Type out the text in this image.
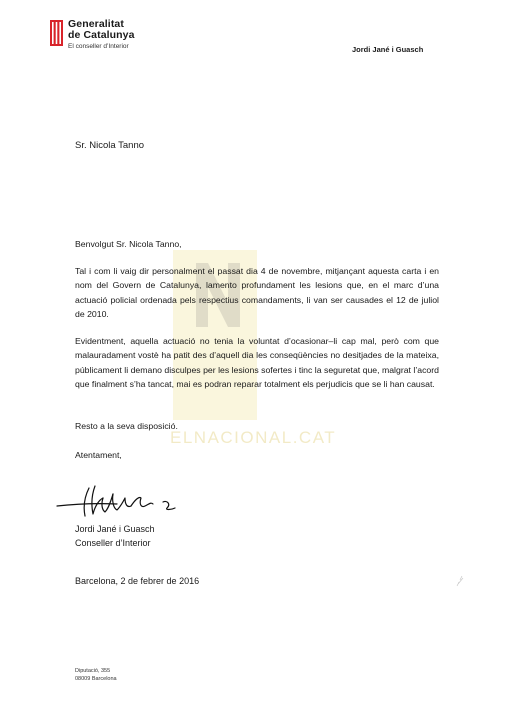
ELNACIONAL.CAT
Generalitat
de Catalunya
El conseller d’Interior	Jordi Jané i Guasch
Sr. Nicola Tanno
Benvolgut Sr. Nicola Tanno,
Tal i com li vaig dir personalment el passat dia 4 de novembre, mitjançant aquesta carta i en nom del Govern de Catalunya, lamento profundament les lesions que, en el marc d’una actuació policial ordenada pels respectius comandaments, li van ser causades el 12 de juliol de 2010.
Evidentment, aquella actuació no tenia la voluntat d’ocasionar–li cap mal, però com que malauradament vostè ha patit des d’aquell dia les conseqüències no desitjades de la mateixa, públicament li demano disculpes per les lesions sofertes i tinc la seguretat que, malgrat l’acord que finalment s’ha tancat, mai es podran reparar totalment els perjudicis que se li han causat.
Resto a la seva disposició.
Atentament,
Jordi Jané i Guasch
Conseller d’Interior
Barcelona, 2 de febrer de 2016
Diputació, 355
08009 Barcelona
